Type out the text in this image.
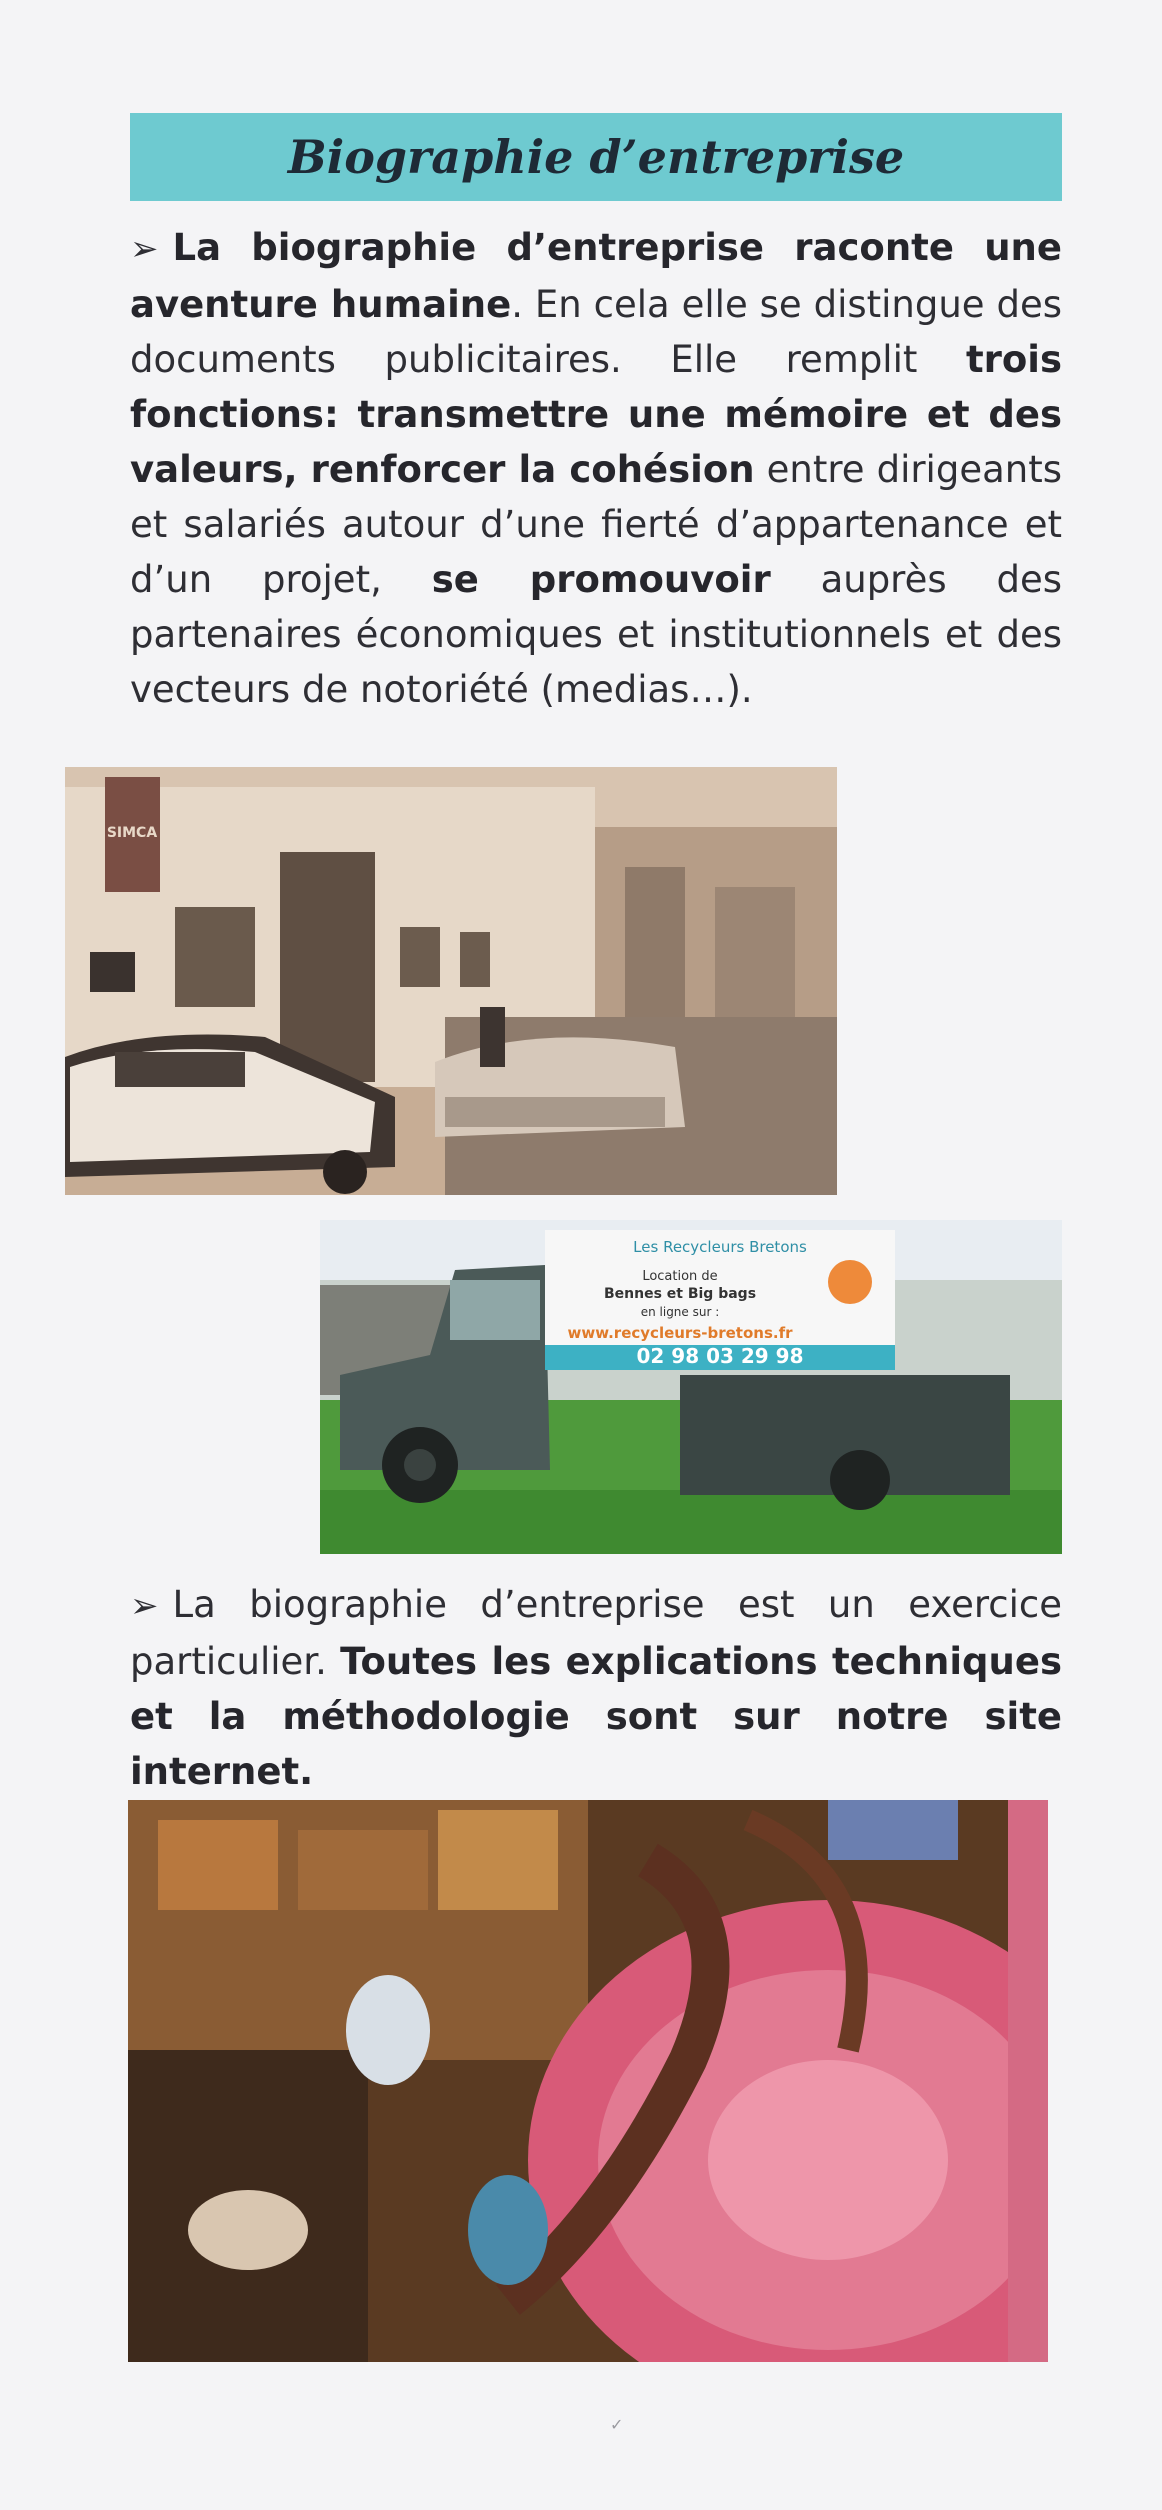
Biographie d’entreprise

➢ La biographie d’entreprise raconte une aventure humaine. En cela elle se distingue des documents publicitaires. Elle remplit trois fonctions: transmettre une mémoire et des valeurs, renforcer la cohésion entre dirigeants et salariés autour d’une fierté d’appartenance et d’un projet, se promouvoir auprès des partenaires économiques et institutionnels et des vecteurs de notoriété (medias…).

SIMCA
Les Recycleurs Bretons
Location de
Bennes et Big bags
en ligne sur :
www.recycleurs-bretons.fr
02 98 03 29 98

➢ La biographie d’entreprise est un exercice particulier. Toutes les explications techniques et la méthodologie sont sur notre site internet.

✓
